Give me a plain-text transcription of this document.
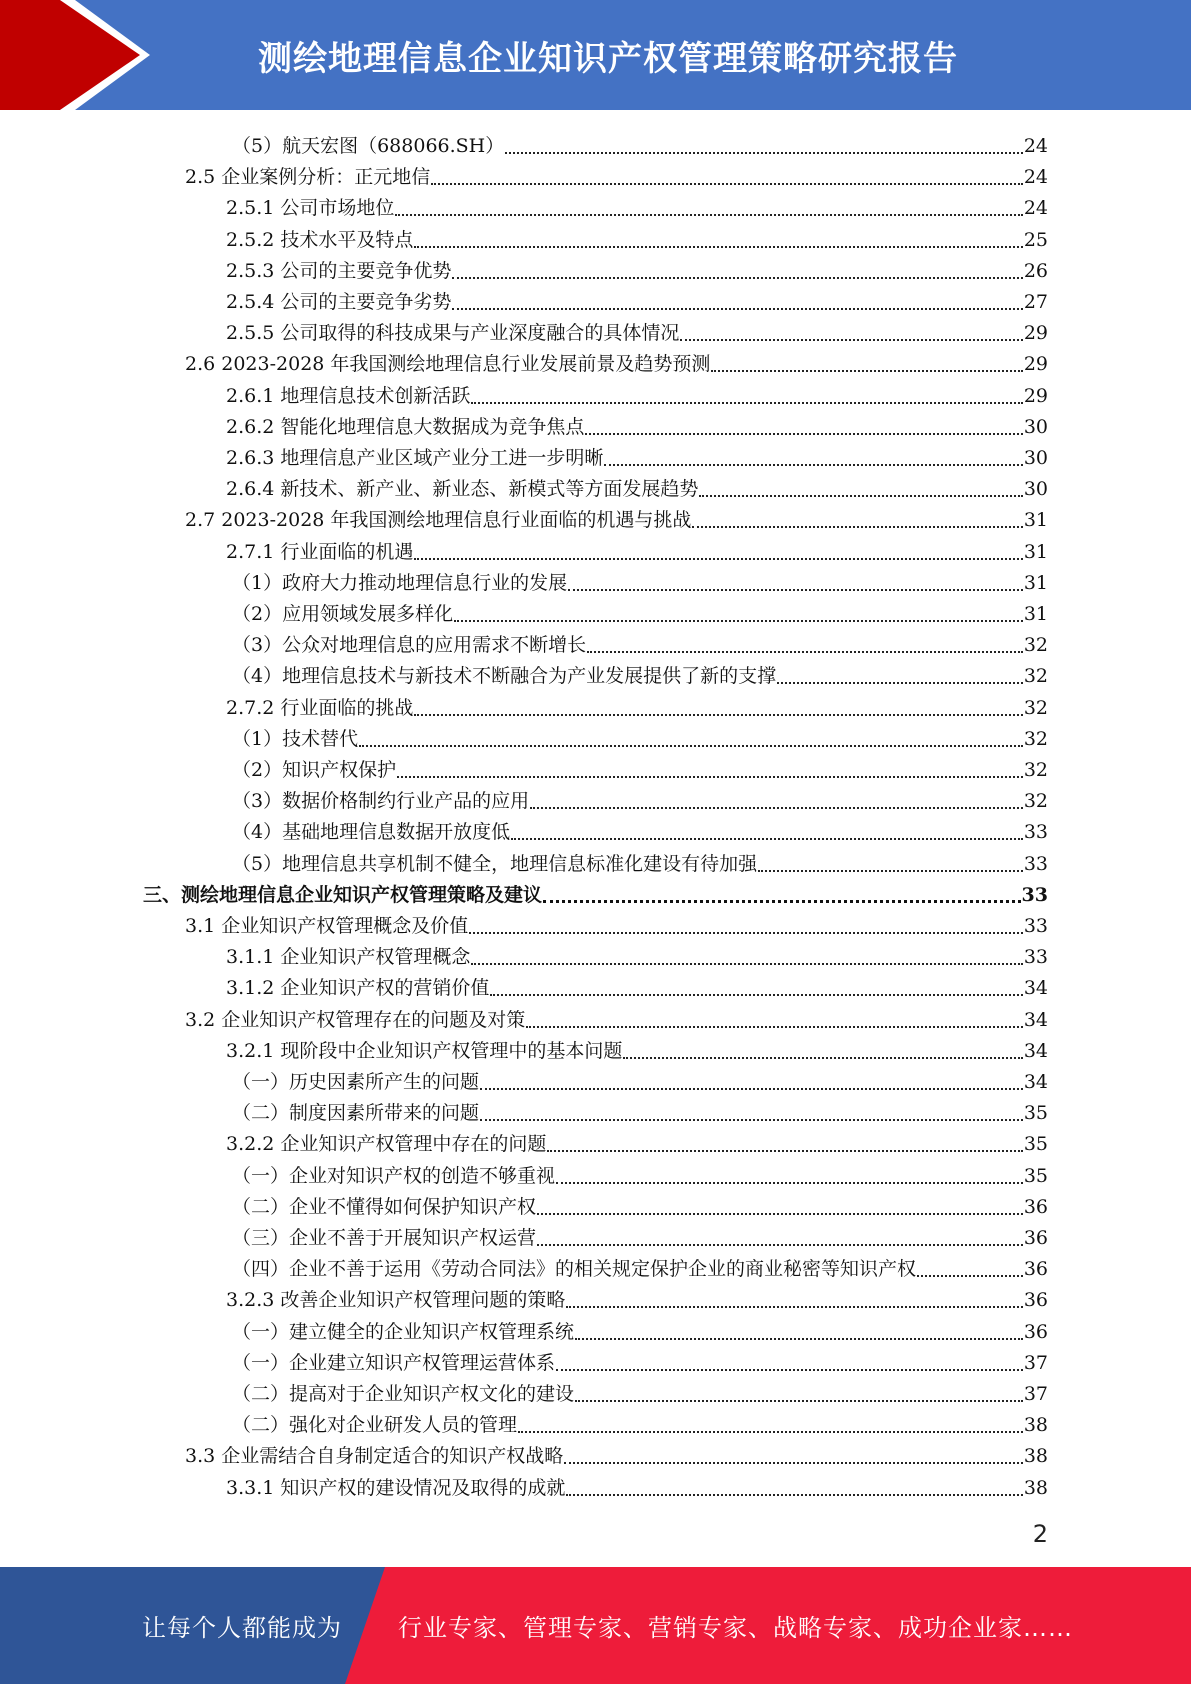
测绘地理信息企业知识产权管理策略研究报告
（5）航天宏图（688066.SH）	24
2.5 企业案例分析：正元地信	24
2.5.1 公司市场地位	24
2.5.2 技术水平及特点	25
2.5.3 公司的主要竞争优势	26
2.5.4 公司的主要竞争劣势	27
2.5.5 公司取得的科技成果与产业深度融合的具体情况	29
2.6 2023-2028 年我国测绘地理信息行业发展前景及趋势预测	29
2.6.1 地理信息技术创新活跃	29
2.6.2 智能化地理信息大数据成为竞争焦点	30
2.6.3 地理信息产业区域产业分工进一步明晰	30
2.6.4 新技术、新产业、新业态、新模式等方面发展趋势	30
2.7 2023-2028 年我国测绘地理信息行业面临的机遇与挑战	31
2.7.1 行业面临的机遇	31
（1）政府大力推动地理信息行业的发展	31
（2）应用领域发展多样化	31
（3）公众对地理信息的应用需求不断增长	32
（4）地理信息技术与新技术不断融合为产业发展提供了新的支撑	32
2.7.2 行业面临的挑战	32
（1）技术替代	32
（2）知识产权保护	32
（3）数据价格制约行业产品的应用	32
（4）基础地理信息数据开放度低	33
（5）地理信息共享机制不健全，地理信息标准化建设有待加强	33
三、测绘地理信息企业知识产权管理策略及建议	33
3.1 企业知识产权管理概念及价值	33
3.1.1 企业知识产权管理概念	33
3.1.2 企业知识产权的营销价值	34
3.2 企业知识产权管理存在的问题及对策	34
3.2.1 现阶段中企业知识产权管理中的基本问题	34
（一）历史因素所产生的问题	34
（二）制度因素所带来的问题	35
3.2.2 企业知识产权管理中存在的问题	35
（一）企业对知识产权的创造不够重视	35
（二）企业不懂得如何保护知识产权	36
（三）企业不善于开展知识产权运营	36
（四）企业不善于运用《劳动合同法》的相关规定保护企业的商业秘密等知识产权	36
3.2.3 改善企业知识产权管理问题的策略	36
（一）建立健全的企业知识产权管理系统	36
（一）企业建立知识产权管理运营体系	37
（二）提高对于企业知识产权文化的建设	37
（二）强化对企业研发人员的管理	38
3.3 企业需结合自身制定适合的知识产权战略	38
3.3.1 知识产权的建设情况及取得的成就	38
2
让每个人都能成为 行业专家、管理专家、营销专家、战略专家、成功企业家……
